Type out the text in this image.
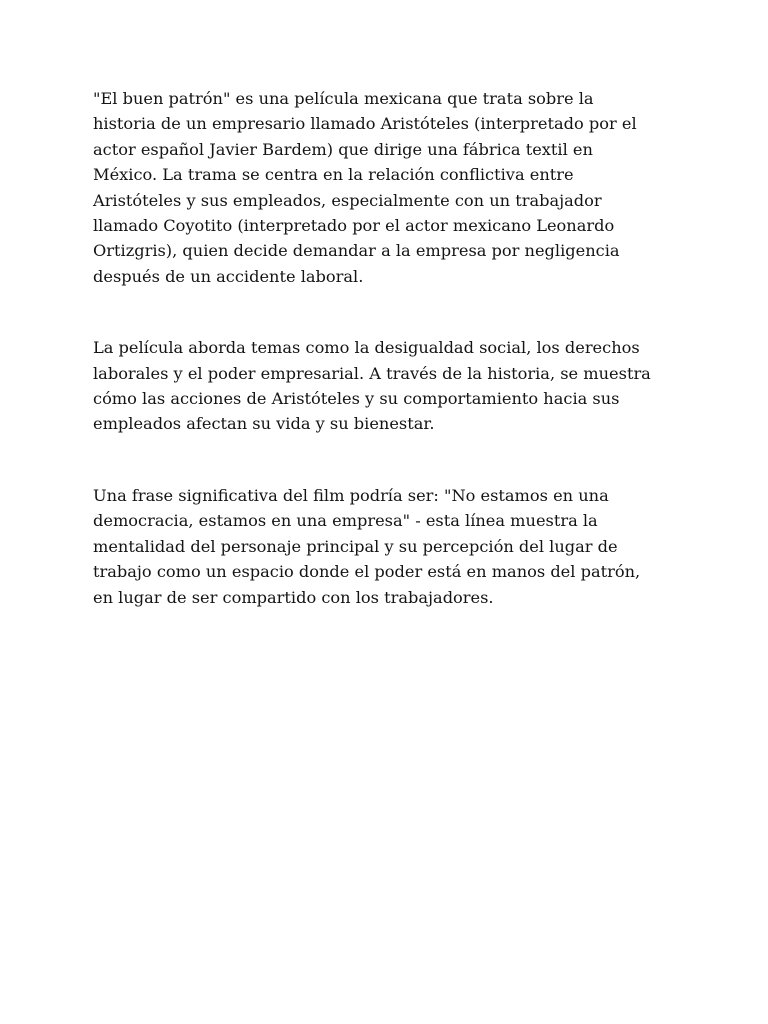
"El buen patrón" es una película mexicana que trata sobre la
historia de un empresario llamado Aristóteles (interpretado por el
actor español Javier Bardem) que dirige una fábrica textil en
México. La trama se centra en la relación conflictiva entre
Aristóteles y sus empleados, especialmente con un trabajador
llamado Coyotito (interpretado por el actor mexicano Leonardo
Ortizgris), quien decide demandar a la empresa por negligencia
después de un accidente laboral.

La película aborda temas como la desigualdad social, los derechos
laborales y el poder empresarial. A través de la historia, se muestra
cómo las acciones de Aristóteles y su comportamiento hacia sus
empleados afectan su vida y su bienestar.

Una frase significativa del film podría ser: "No estamos en una
democracia, estamos en una empresa" - esta línea muestra la
mentalidad del personaje principal y su percepción del lugar de
trabajo como un espacio donde el poder está en manos del patrón,
en lugar de ser compartido con los trabajadores.
